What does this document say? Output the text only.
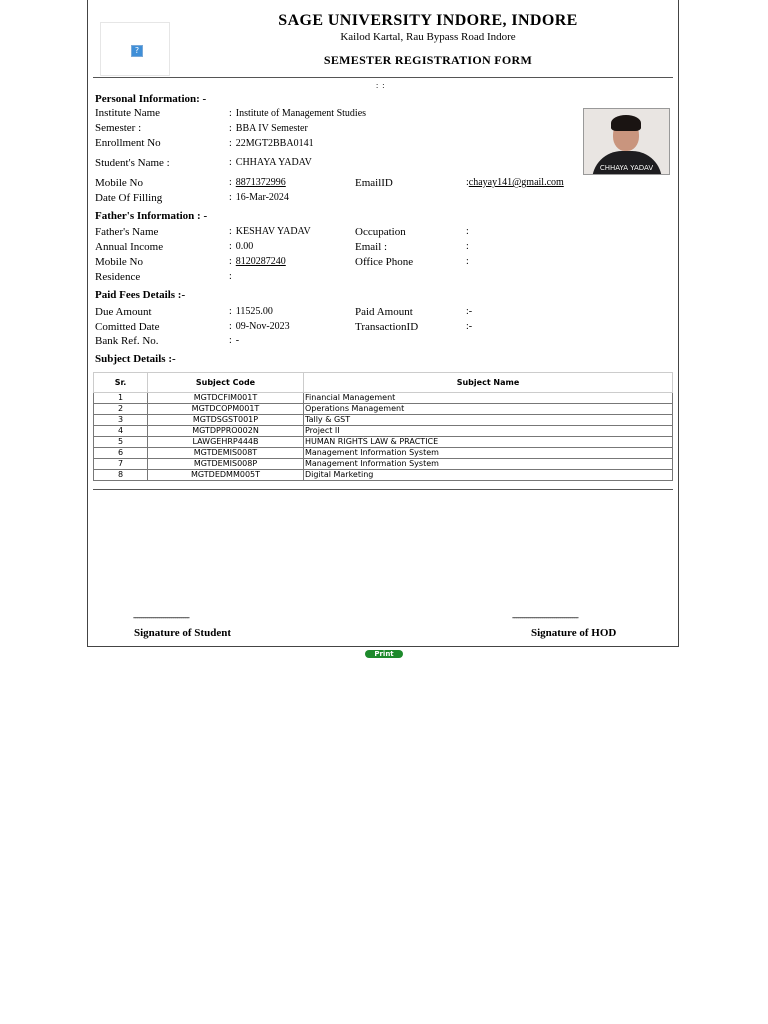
?
SAGE UNIVERSITY INDORE, INDORE
Kailod Kartal, Rau Bypass Road Indore
SEMESTER REGISTRATION FORM
: :
Personal Information: -
Institute Name	: Institute of Management Studies
Semester :	: BBA IV Semester
Enrollment No	: 22MGT2BBA0141
Student's Name :	: CHHAYA YADAV
Mobile No	: 8871372996	EmailID	:chayay141@gmail.com
Date Of Filling	: 16-Mar-2024
CHHAYA YADAV
Father's Information : -
Father's Name	: KESHAV YADAV	Occupation	:
Annual Income	: 0.00	Email :	:
Mobile No	: 8120287240	Office Phone	:
Residence	:
Paid Fees Details :-
Due Amount	: 11525.00	Paid Amount	:-
Comitted Date	: 09-Nov-2023	TransactionID	:-
Bank Ref. No.	: -
Subject Details :-
Sr.	Subject Code	Subject Name
1	MGTDCFIM001T	Financial Management
2	MGTDCOPM001T	Operations Management
3	MGTDSGST001P	Tally & GST
4	MGTDPPRO002N	Project II
5	LAWGEHRP444B	HUMAN RIGHTS LAW & PRACTICE
6	MGTDEMIS008T	Management Information System
7	MGTDEMIS008P	Management Information System
8	MGTDEDMM005T	Digital Marketing
----------------------------
Signature of Student
---------------------------------
Signature of HOD
Print
